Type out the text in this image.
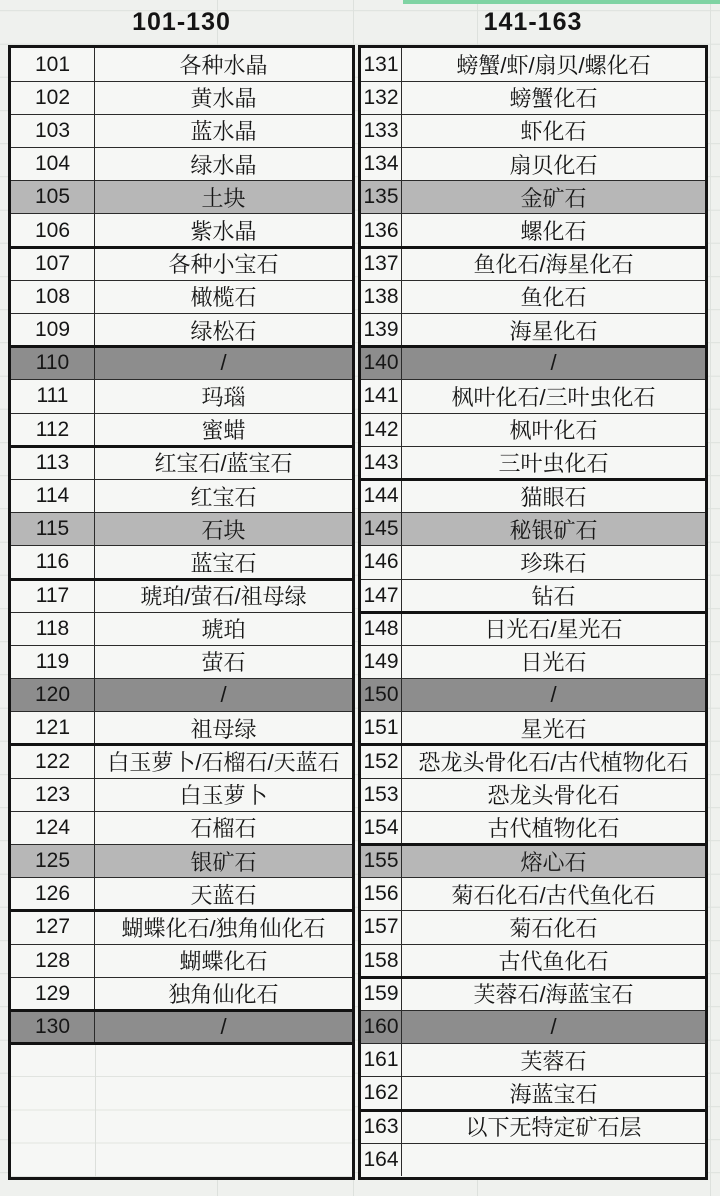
101-130	141-163
101	各种水晶
102	黄水晶
103	蓝水晶
104	绿水晶
105	土块
106	紫水晶
107	各种小宝石
108	橄榄石
109	绿松石
110	/
111	玛瑙
112	蜜蜡
113	红宝石/蓝宝石
114	红宝石
115	石块
116	蓝宝石
117	琥珀/萤石/祖母绿
118	琥珀
119	萤石
120	/
121	祖母绿
122	白玉萝卜/石榴石/天蓝石
123	白玉萝卜
124	石榴石
125	银矿石
126	天蓝石
127	蝴蝶化石/独角仙化石
128	蝴蝶化石
129	独角仙化石
130	/
131	螃蟹/虾/扇贝/螺化石
132	螃蟹化石
133	虾化石
134	扇贝化石
135	金矿石
136	螺化石
137	鱼化石/海星化石
138	鱼化石
139	海星化石
140	/
141	枫叶化石/三叶虫化石
142	枫叶化石
143	三叶虫化石
144	猫眼石
145	秘银矿石
146	珍珠石
147	钻石
148	日光石/星光石
149	日光石
150	/
151	星光石
152 恐龙头骨化石/古代植物化石
153	恐龙头骨化石
154	古代植物化石
155	熔心石
156	菊石化石/古代鱼化石
157	菊石化石
158	古代鱼化石
159	芙蓉石/海蓝宝石
160	/
161	芙蓉石
162	海蓝宝石
163	以下无特定矿石层
164
